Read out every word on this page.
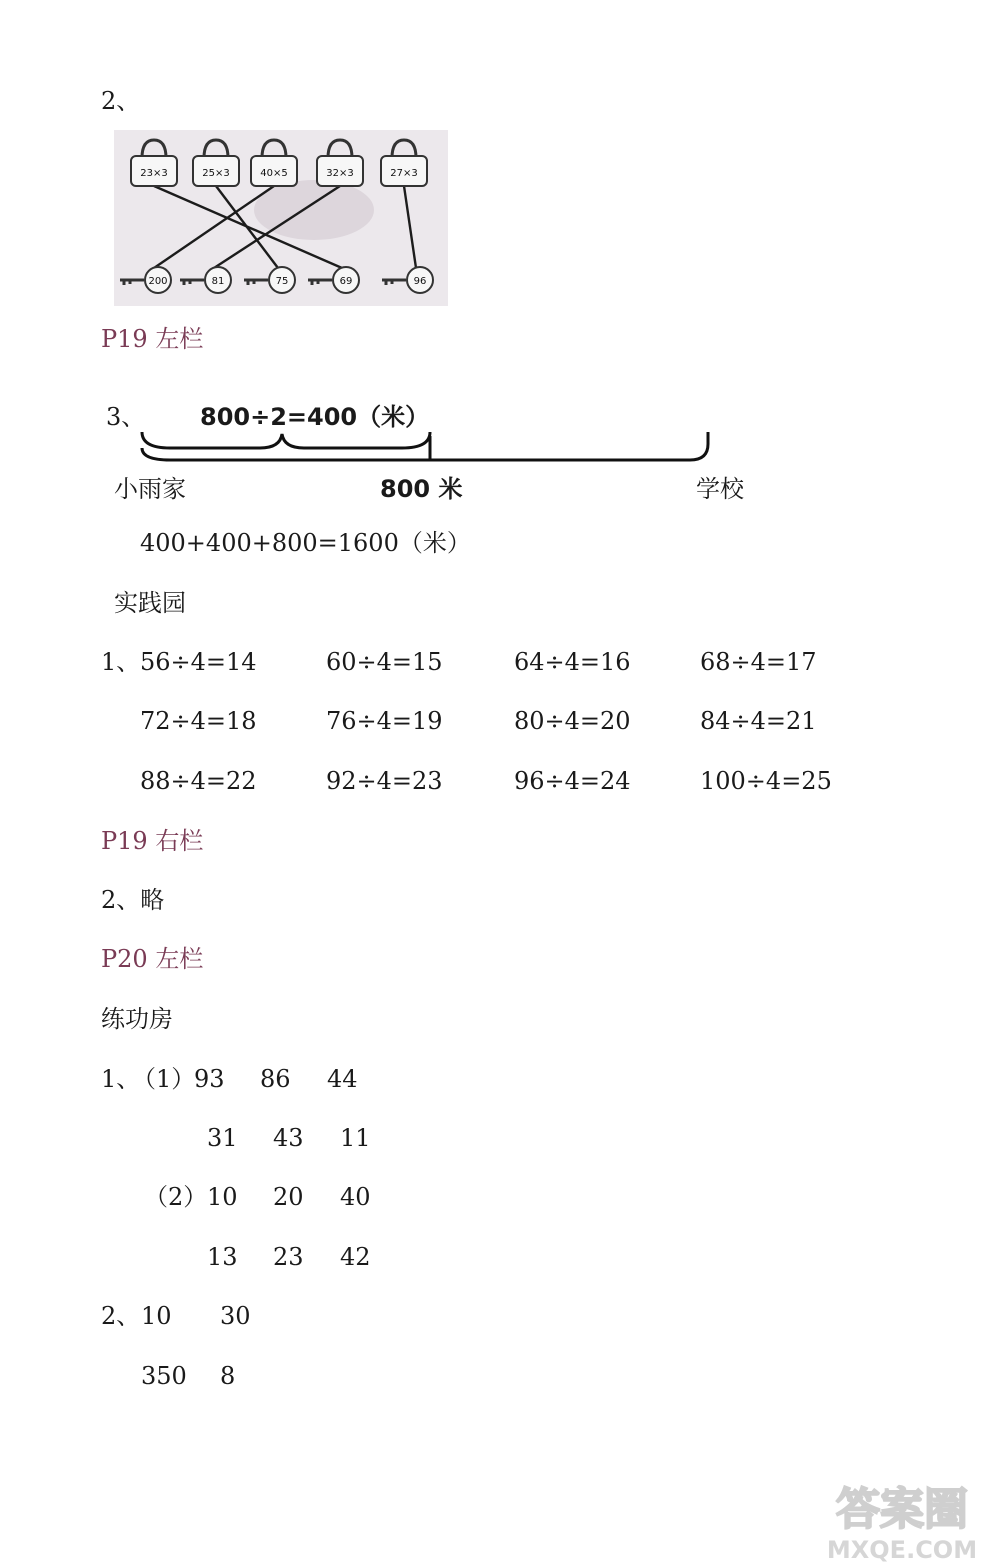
2、
23×3	25×3	40×5	32×3	27×3
200	81	75	69	96
P19 左栏
3、 800÷2=400（米）
小雨家	800 米	学校
400+400+800=1600（米）
实践园
1、 56÷4=14	60÷4=15	64÷4=16	68÷4=17
72÷4=18	76÷4=19	80÷4=20	84÷4=21
88÷4=22	92÷4=23	96÷4=24	100÷4=25
P19 右栏
2、略
P20 左栏
练功房
1、
（1）
93 86 44
31 43 11
（2） 10 20 40
13 23 42
2、 10 30
350 8
答案圈
MXQE.COM
